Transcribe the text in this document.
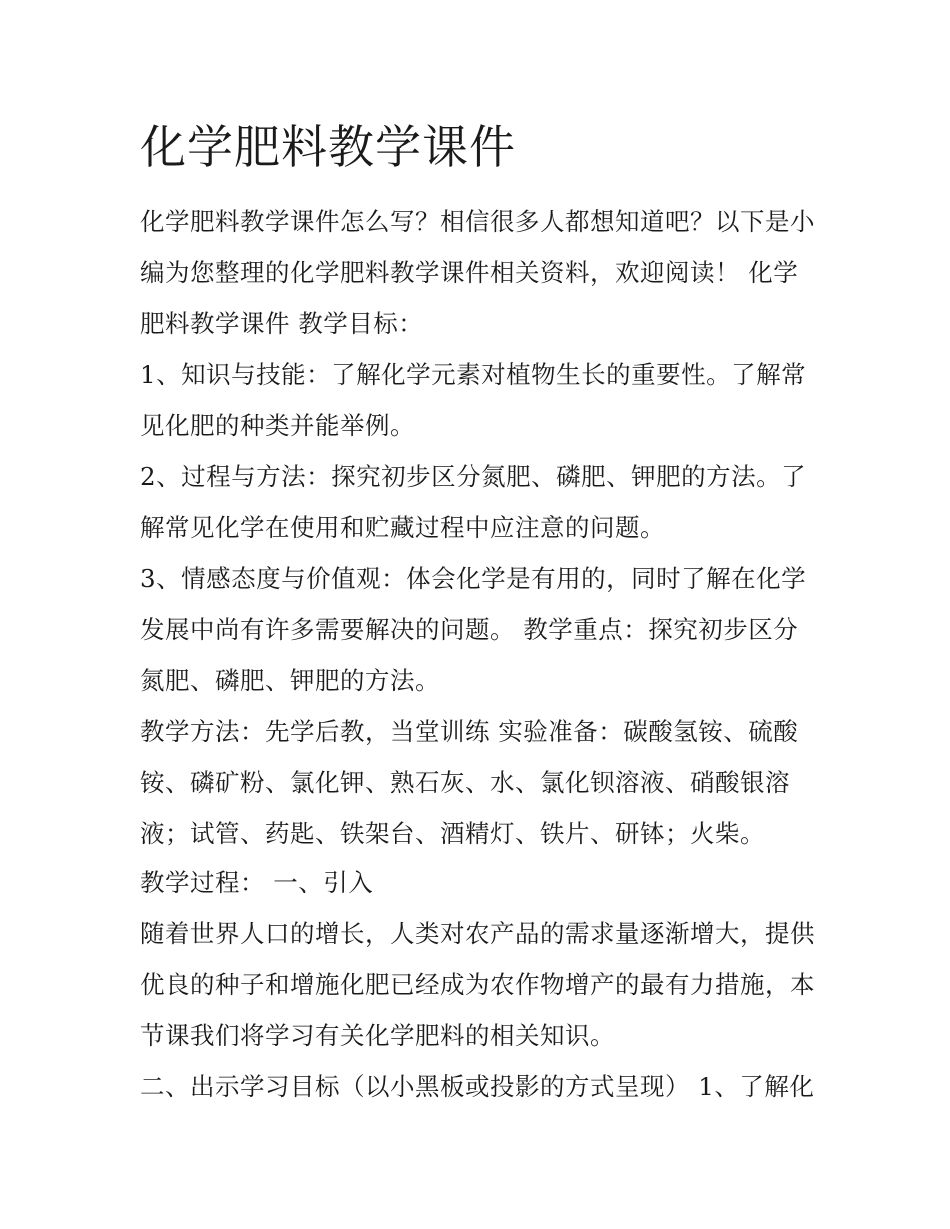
化学肥料教学课件
化学肥料教学课件怎么写？相信很多人都想知道吧？以下是小
编为您整理的化学肥料教学课件相关资料，欢迎阅读！ 化学
肥料教学课件 教学目标：
1、知识与技能：了解化学元素对植物生长的重要性。了解常
见化肥的种类并能举例。
2、过程与方法：探究初步区分氮肥、磷肥、钾肥的方法。了
解常见化学在使用和贮藏过程中应注意的问题。
3、情感态度与价值观：体会化学是有用的，同时了解在化学
发展中尚有许多需要解决的问题。 教学重点：探究初步区分
氮肥、磷肥、钾肥的方法。
教学方法：先学后教，当堂训练 实验准备：碳酸氢铵、硫酸
铵、磷矿粉、氯化钾、熟石灰、水、氯化钡溶液、硝酸银溶
液；试管、药匙、铁架台、酒精灯、铁片、研钵；火柴。
教学过程： 一、引入
随着世界人口的增长，人类对农产品的需求量逐渐增大，提供
优良的种子和增施化肥已经成为农作物增产的最有力措施，本
节课我们将学习有关化学肥料的相关知识。
二、出示学习目标（以小黑板或投影的方式呈现） 1、了解化
